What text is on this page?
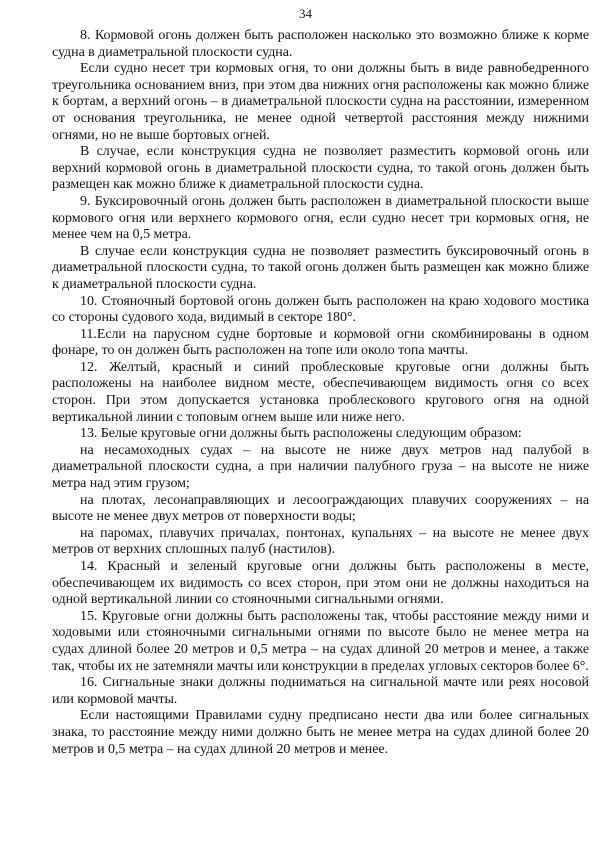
34

8. Кормовой огонь должен быть расположен насколько это возможно ближе к корме судна в диаметральной плоскости судна.

Если судно несет три кормовых огня, то они должны быть в виде равнобедренного треугольника основанием вниз, при этом два нижних огня расположены как можно ближе к бортам, а верхний огонь – в диаметральной плоскости судна на расстоянии, измеренном от основания треугольника, не менее одной четвертой расстояния между нижними огнями, но не выше бортовых огней.

В случае, если конструкция судна не позволяет разместить кормовой огонь или верхний кормовой огонь в диаметральной плоскости судна, то такой огонь должен быть размещен как можно ближе к диаметральной плоскости судна.

9. Буксировочный огонь должен быть расположен в диаметральной плоскости выше кормового огня или верхнего кормового огня, если судно несет три кормовых огня, не менее чем на 0,5 метра.

В случае если конструкция судна не позволяет разместить буксировочный огонь в диаметральной плоскости судна, то такой огонь должен быть размещен как можно ближе к диаметральной плоскости судна.

10. Стояночный бортовой огонь должен быть расположен на краю ходового мостика со стороны судового хода, видимый в секторе 180°.

11.Если на парусном судне бортовые и кормовой огни скомбинированы в одном фонаре, то он должен быть расположен на топе или около топа мачты.

12. Желтый, красный и синий проблесковые круговые огни должны быть расположены на наиболее видном месте, обеспечивающем видимость огня со всех сторон. При этом допускается установка проблескового кругового огня на одной вертикальной линии с топовым огнем выше или ниже него.

13. Белые круговые огни должны быть расположены следующим образом:

на несамоходных судах – на высоте не ниже двух метров над палубой в диаметральной плоскости судна, а при наличии палубного груза – на высоте не ниже метра над этим грузом;

на плотах, лесонаправляющих и лесоограждающих плавучих сооружениях – на высоте не менее двух метров от поверхности воды;

на паромах, плавучих причалах, понтонах, купальнях – на высоте не менее двух метров от верхних сплошных палуб (настилов).

14. Красный и зеленый круговые огни должны быть расположены в месте, обеспечивающем их видимость со всех сторон, при этом они не должны находиться на одной вертикальной линии со стояночными сигнальными огнями.

15. Круговые огни должны быть расположены так, чтобы расстояние между ними и ходовыми или стояночными сигнальными огнями по высоте было не менее метра на судах длиной более 20 метров и 0,5 метра – на судах длиной 20 метров и менее, а также так, чтобы их не затемняли мачты или конструкции в пределах угловых секторов более 6°.

16. Сигнальные знаки должны подниматься на сигнальной мачте или реях носовой или кормовой мачты.

Если настоящими Правилами судну предписано нести два или более сигнальных знака, то расстояние между ними должно быть не менее метра на судах длиной более 20 метров и 0,5 метра – на судах длиной 20 метров и менее.
